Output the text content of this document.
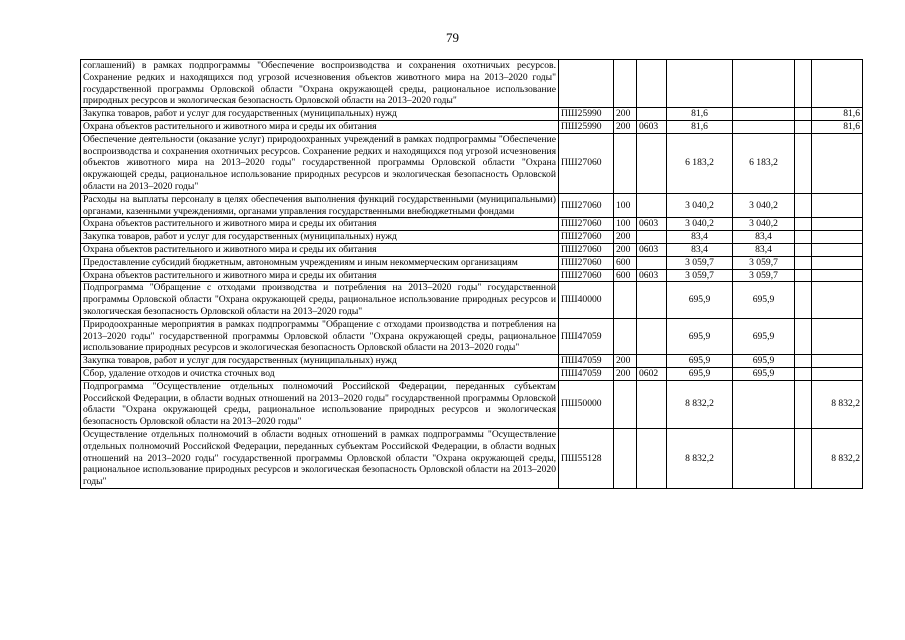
79
соглашений) в рамках подпрограммы "Обеспечение воспроизводства и сохранения охотничьих ресурсов. Сохранение редких и находящихся под угрозой исчезновения объектов животного мира на 2013–2020 годы" государственной программы Орловской области "Охрана окружающей среды, рациональное использование природных ресурсов и экологическая безопасность Орловской области на 2013–2020 годы"							
Закупка товаров, работ и услуг для государственных (муниципальных) нужд	ПШ25990	200		81,6			81,6
Охрана объектов растительного и животного мира и среды их обитания	ПШ25990	200	0603	81,6			81,6
Обеспечение деятельности (оказание услуг) природоохранных учреждений в рамках подпрограммы "Обеспечение воспроизводства и сохранения охотничьих ресурсов. Сохранение редких и находящихся под угрозой исчезновения объектов животного мира на 2013–2020 годы" государственной программы Орловской области "Охрана окружающей среды, рациональное использование природных ресурсов и экологическая безопасность Орловской области на 2013–2020 годы"	ПШ27060			6 183,2	6 183,2		
Расходы на выплаты персоналу в целях обеспечения выполнения функций государственными (муниципальными) органами, казенными учреждениями, органами управления государственными внебюджетными фондами	ПШ27060	100		3 040,2	3 040,2		
Охрана объектов растительного и животного мира и среды их обитания	ПШ27060	100	0603	3 040,2	3 040,2		
Закупка товаров, работ и услуг для государственных (муниципальных) нужд	ПШ27060	200		83,4	83,4		
Охрана объектов растительного и животного мира и среды их обитания	ПШ27060	200	0603	83,4	83,4		
Предоставление субсидий бюджетным, автономным учреждениям и иным некоммерческим организациям	ПШ27060	600		3 059,7	3 059,7		
Охрана объектов растительного и животного мира и среды их обитания	ПШ27060	600	0603	3 059,7	3 059,7		
Подпрограмма "Обращение с отходами производства и потребления на 2013–2020 годы" государственной программы Орловской области "Охрана окружающей среды, рациональное использование природных ресурсов и экологическая безопасность Орловской области на 2013–2020 годы"	ПШ40000			695,9	695,9		
Природоохранные мероприятия в рамках подпрограммы "Обращение с отходами производства и потребления на 2013–2020 годы" государственной программы Орловской области "Охрана окружающей среды, рациональное использование природных ресурсов и экологическая безопасность Орловской области на 2013–2020 годы"	ПШ47059			695,9	695,9		
Закупка товаров, работ и услуг для государственных (муниципальных) нужд	ПШ47059	200		695,9	695,9		
Сбор, удаление отходов и очистка сточных вод	ПШ47059	200	0602	695,9	695,9		
Подпрограмма "Осуществление отдельных полномочий Российской Федерации, переданных субъектам Российской Федерации, в области водных отношений на 2013–2020 годы" государственной программы Орловской области "Охрана окружающей среды, рациональное использование природных ресурсов и экологическая безопасность Орловской области на 2013–2020 годы"	ПШ50000			8 832,2			8 832,2
Осуществление отдельных полномочий в области водных отношений в рамках подпрограммы "Осуществление отдельных полномочий Российской Федерации, переданных субъектам Российской Федерации, в области водных отношений на 2013–2020 годы" государственной программы Орловской области "Охрана окружающей среды, рациональное использование природных ресурсов и экологическая безопасность Орловской области на 2013–2020 годы"	ПШ55128			8 832,2			8 832,2
